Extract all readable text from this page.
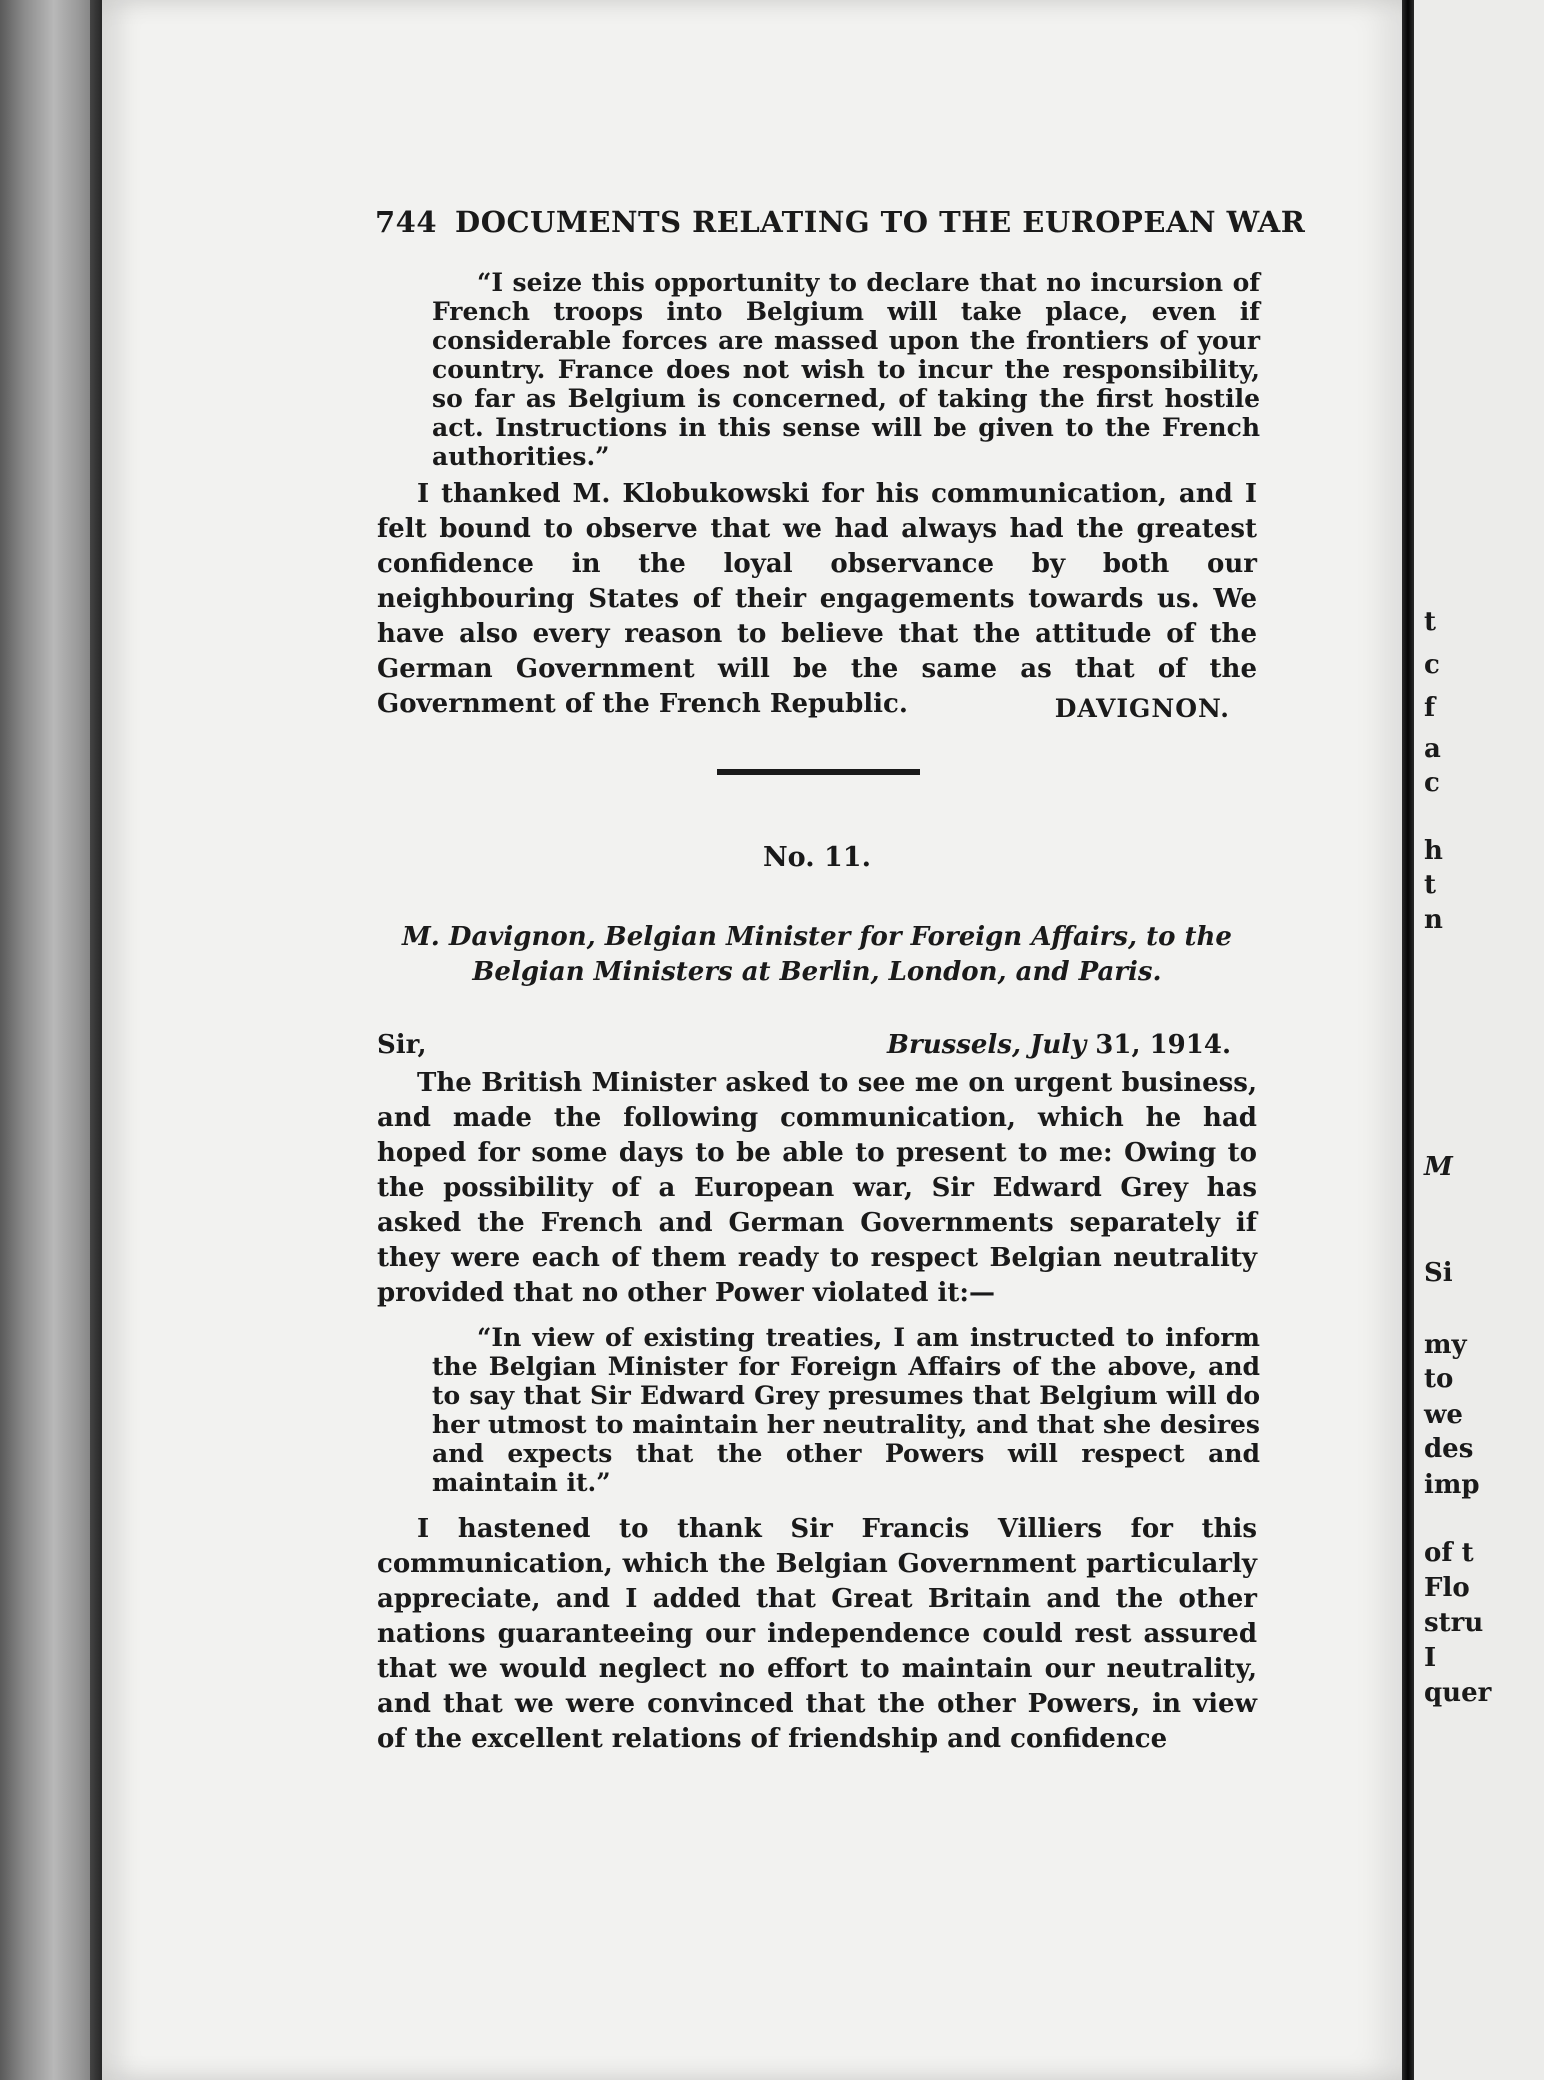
744 DOCUMENTS RELATING TO THE EUROPEAN WAR

“I seize this opportunity to declare that no incursion of French troops into Belgium will take place, even if considerable forces are massed upon the frontiers of your country. France does not wish to incur the responsibility, so far as Belgium is concerned, of taking the first hostile act. Instructions in this sense will be given to the French authorities.”

I thanked M. Klobukowski for his communication, and I felt bound to observe that we had always had the greatest confidence in the loyal observance by both our neighbouring States of their engagements towards us. We have also every reason to believe that the attitude of the German Government will be the same as that of the Government of the French Republic.	DAVIGNON.
No. 11.
M. Davignon, Belgian Minister for Foreign Affairs, to the Belgian Ministers at Berlin, London, and Paris.
Sir,	Brussels, July 31, 1914.

The British Minister asked to see me on urgent business, and made the following communication, which he had hoped for some days to be able to present to me: Owing to the possibility of a European war, Sir Edward Grey has asked the French and German Governments separately if they were each of them ready to respect Belgian neutrality provided that no other Power violated it:—

“In view of existing treaties, I am instructed to inform the Belgian Minister for Foreign Affairs of the above, and to say that Sir Edward Grey presumes that Belgium will do her utmost to maintain her neutrality, and that she desires and expects that the other Powers will respect and maintain it.”

I hastened to thank Sir Francis Villiers for this communication, which the Belgian Government particularly appreciate, and I added that Great Britain and the other nations guaranteeing our independence could rest assured that we would neglect no effort to maintain our neutrality, and that we were convinced that the other Powers, in view of the excellent relations of friendship and confidence

t
c
f
a
c
h
t
n
M
Si
my
to
we
des
imp
of t
Flo
stru
I
quer
